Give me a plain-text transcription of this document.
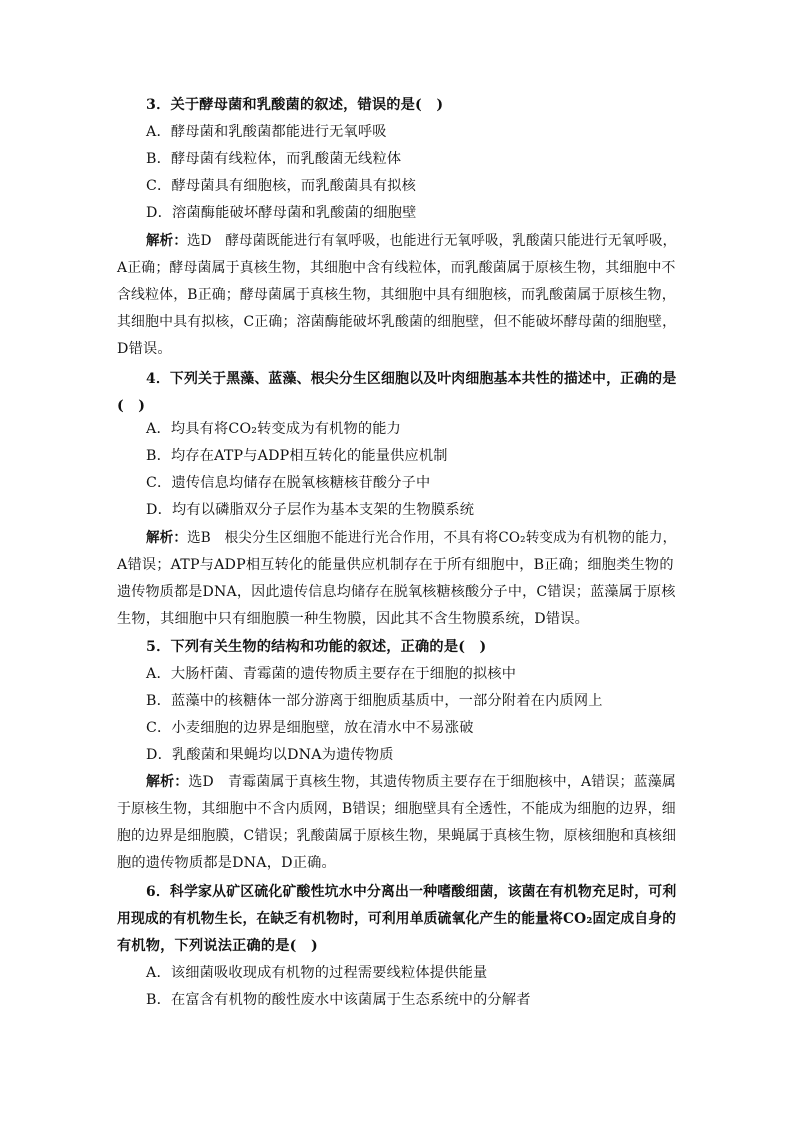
3．关于酵母菌和乳酸菌的叙述，错误的是(　)
A．酵母菌和乳酸菌都能进行无氧呼吸
B．酵母菌有线粒体，而乳酸菌无线粒体
C．酵母菌具有细胞核，而乳酸菌具有拟核
D．溶菌酶能破坏酵母菌和乳酸菌的细胞壁
解析：选D　酵母菌既能进行有氧呼吸，也能进行无氧呼吸，乳酸菌只能进行无氧呼吸，
A正确；酵母菌属于真核生物，其细胞中含有线粒体，而乳酸菌属于原核生物，其细胞中不
含线粒体，B正确；酵母菌属于真核生物，其细胞中具有细胞核，而乳酸菌属于原核生物，
其细胞中具有拟核，C正确；溶菌酶能破坏乳酸菌的细胞壁，但不能破坏酵母菌的细胞壁，
D错误。
4．下列关于黑藻、蓝藻、根尖分生区细胞以及叶肉细胞基本共性的描述中，正确的是
(　)
A．均具有将CO₂转变成为有机物的能力
B．均存在ATP与ADP相互转化的能量供应机制
C．遗传信息均储存在脱氧核糖核苷酸分子中
D．均有以磷脂双分子层作为基本支架的生物膜系统
解析：选B　根尖分生区细胞不能进行光合作用，不具有将CO₂转变成为有机物的能力，
A错误；ATP与ADP相互转化的能量供应机制存在于所有细胞中，B正确；细胞类生物的
遗传物质都是DNA，因此遗传信息均储存在脱氧核糖核酸分子中，C错误；蓝藻属于原核
生物，其细胞中只有细胞膜一种生物膜，因此其不含生物膜系统，D错误。
5．下列有关生物的结构和功能的叙述，正确的是(　)
A．大肠杆菌、青霉菌的遗传物质主要存在于细胞的拟核中
B．蓝藻中的核糖体一部分游离于细胞质基质中，一部分附着在内质网上
C．小麦细胞的边界是细胞壁，放在清水中不易涨破
D．乳酸菌和果蝇均以DNA为遗传物质
解析：选D　青霉菌属于真核生物，其遗传物质主要存在于细胞核中，A错误；蓝藻属
于原核生物，其细胞中不含内质网，B错误；细胞壁具有全透性，不能成为细胞的边界，细
胞的边界是细胞膜，C错误；乳酸菌属于原核生物，果蝇属于真核生物，原核细胞和真核细
胞的遗传物质都是DNA，D正确。
6．科学家从矿区硫化矿酸性坑水中分离出一种嗜酸细菌，该菌在有机物充足时，可利
用现成的有机物生长，在缺乏有机物时，可利用单质硫氧化产生的能量将CO₂固定成自身的
有机物，下列说法正确的是(　)
A．该细菌吸收现成有机物的过程需要线粒体提供能量
B．在富含有机物的酸性废水中该菌属于生态系统中的分解者
